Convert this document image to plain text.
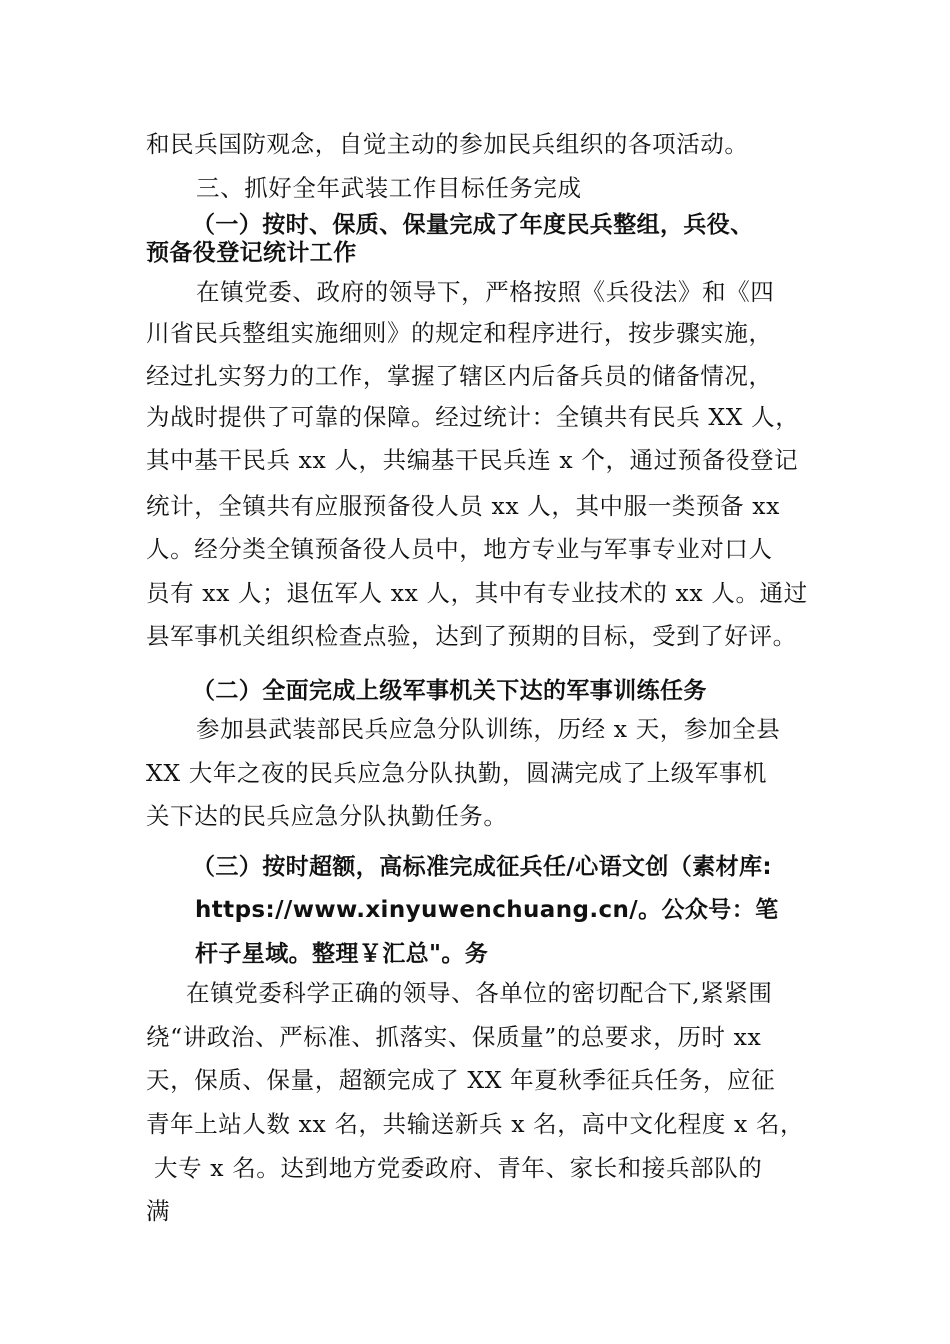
和民兵国防观念，自觉主动的参加民兵组织的各项活动。
三、抓好全年武装工作目标任务完成
（一）按时、保质、保量完成了年度民兵整组，兵役、
预备役登记统计工作
在镇党委、政府的领导下，严格按照《兵役法》和《四
川省民兵整组实施细则》的规定和程序进行，按步骤实施，
经过扎实努力的工作，掌握了辖区内后备兵员的储备情况，
为战时提供了可靠的保障。经过统计：全镇共有民兵 XX 人，
其中基干民兵 xx 人，共编基干民兵连 x 个，通过预备役登记
统计，全镇共有应服预备役人员 xx 人，其中服一类预备 xx
人。经分类全镇预备役人员中，地方专业与军事专业对口人
员有 xx 人；退伍军人 xx 人，其中有专业技术的 xx 人。通过
县军事机关组织检查点验，达到了预期的目标，受到了好评。
（二）全面完成上级军事机关下达的军事训练任务
参加县武装部民兵应急分队训练，历经 x 天，参加全县
XX 大年之夜的民兵应急分队执勤，圆满完成了上级军事机
关下达的民兵应急分队执勤任务。
（三）按时超额，高标准完成征兵任/心语文创（素材库:
https://www.xinyuwenchuang.cn/。公众号：笔
杆子星域。整理￥汇总"。务
在镇党委科学正确的领导、各单位的密切配合下,紧紧围
绕“讲政治、严标准、抓落实、保质量”的总要求，历时 xx
天，保质、保量，超额完成了 XX 年夏秋季征兵任务，应征
青年上站人数 xx 名，共输送新兵 x 名，高中文化程度 x 名，
大专 x 名。达到地方党委政府、青年、家长和接兵部队的
满
